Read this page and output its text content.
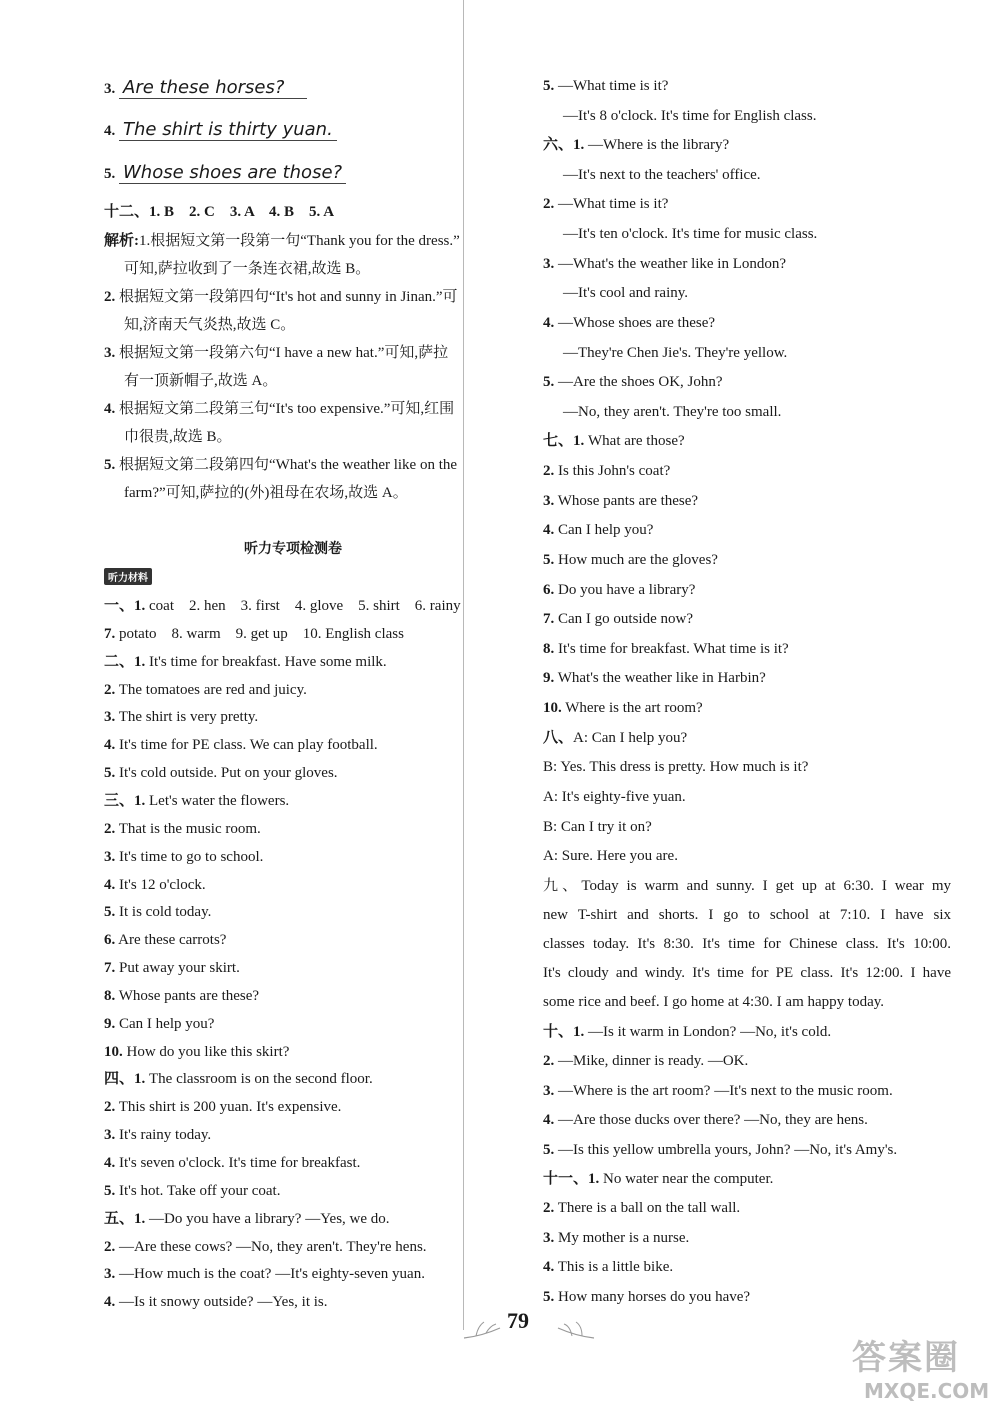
3. Are these horses?
4. The shirt is thirty yuan.
5. Whose shoes are those?
十二、1. B　2. C　3. A　4. B　5. A
解析:1.根据短文第一段第一句“Thank you for the dress.”
可知,萨拉收到了一条连衣裙,故选 B。
2. 根据短文第一段第四句“It's hot and sunny in Jinan.”可
知,济南天气炎热,故选 C。
3. 根据短文第一段第六句“I have a new hat.”可知,萨拉
有一顶新帽子,故选 A。
4. 根据短文第二段第三句“It's too expensive.”可知,红围
巾很贵,故选 B。
5. 根据短文第二段第四句“What's the weather like on the
farm?”可知,萨拉的(外)祖母在农场,故选 A。
听力专项检测卷
听力材料
一、1. coat　2. hen　3. first　4. glove　5. shirt　6. rainy
7. potato　8. warm　9. get up　10. English class
二、1. It's time for breakfast. Have some milk.
2. The tomatoes are red and juicy.
3. The shirt is very pretty.
4. It's time for PE class. We can play football.
5. It's cold outside. Put on your gloves.
三、1. Let's water the flowers.
2. That is the music room.
3. It's time to go to school.
4. It's 12 o'clock.
5. It is cold today.
6. Are these carrots?
7. Put away your skirt.
8. Whose pants are these?
9. Can I help you?
10. How do you like this skirt?
四、1. The classroom is on the second floor.
2. This shirt is 200 yuan. It's expensive.
3. It's rainy today.
4. It's seven o'clock. It's time for breakfast.
5. It's hot. Take off your coat.
五、1. —Do you have a library? —Yes, we do.
2. —Are these cows? —No, they aren't. They're hens.
3. —How much is the coat? —It's eighty-seven yuan.
4. —Is it snowy outside? —Yes, it is.
5. —What time is it?
—It's 8 o'clock. It's time for English class.
六、1. —Where is the library?
—It's next to the teachers' office.
2. —What time is it?
—It's ten o'clock. It's time for music class.
3. —What's the weather like in London?
—It's cool and rainy.
4. —Whose shoes are these?
—They're Chen Jie's. They're yellow.
5. —Are the shoes OK, John?
—No, they aren't. They're too small.
七、1. What are those?
2. Is this John's coat?
3. Whose pants are these?
4. Can I help you?
5. How much are the gloves?
6. Do you have a library?
7. Can I go outside now?
8. It's time for breakfast. What time is it?
9. What's the weather like in Harbin?
10. Where is the art room?
八、A: Can I help you?
B: Yes. This dress is pretty. How much is it?
A: It's eighty-five yuan.
B: Can I try it on?
A: Sure. Here you are.
九、Today is warm and sunny. I get up at 6:30. I wear my
new T-shirt and shorts. I go to school at 7:10. I have six
classes today. It's 8:30. It's time for Chinese class. It's 10:00.
It's cloudy and windy. It's time for PE class. It's 12:00. I have
some rice and beef. I go home at 4:30. I am happy today.
十、1. —Is it warm in London? —No, it's cold.
2. —Mike, dinner is ready. —OK.
3. —Where is the art room? —It's next to the music room.
4. —Are those ducks over there? —No, they are hens.
5. —Is this yellow umbrella yours, John? —No, it's Amy's.
十一、1. No water near the computer.
2. There is a ball on the tall wall.
3. My mother is a nurse.
4. This is a little bike.
5. How many horses do you have?
79
答案圈
MXQE.COM
